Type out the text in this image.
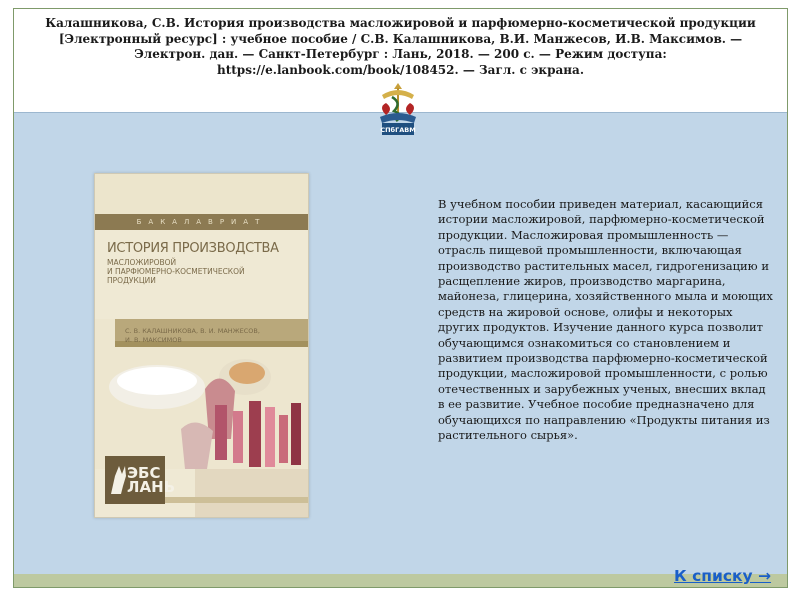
Калашникова, С.В. История производства масложировой и парфюмерно-косметической продукции [Электронный ресурс] : учебное пособие / С.В. Калашникова, В.И. Манжесов, И.В. Максимов. — Электрон. дан. — Санкт-Петербург : Лань, 2018. — 200 с. — Режим доступа: https://e.lanbook.com/book/108452. — Загл. с экрана.
БАКАЛАВРИАТ
ИСТОРИЯ ПРОИЗВОДСТВА
МАСЛОЖИРОВОЙ
И ПАРФЮМЕРНО-КОСМЕТИЧЕСКОЙ
ПРОДУКЦИИ
С. В. КАЛАШНИКОВА, В. И. МАНЖЕСОВ,
И. В. МАКСИМОВ
ЭБС
ЛАНЬ
В учебном пособии приведен материал, касающийся истории масложировой, парфюмерно-косметической продукции. Масложировая промышленность — отрасль пищевой промышленности, включающая производство растительных масел, гидрогенизацию и расщепление жиров, производство маргарина, майонеза, глицерина, хозяйственного мыла и моющих средств на жировой основе, олифы и некоторых других продуктов. Изучение данного курса позволит обучающимся ознакомиться со становлением и развитием производства парфюмерно-косметической продукции, масложировой промышленности, с ролью отечественных и зарубежных ученых, внесших вклад в ее развитие. Учебное пособие предназначено для обучающихся по направлению «Продукты питания из растительного сырья».
СПбГАВМ
К списку →
